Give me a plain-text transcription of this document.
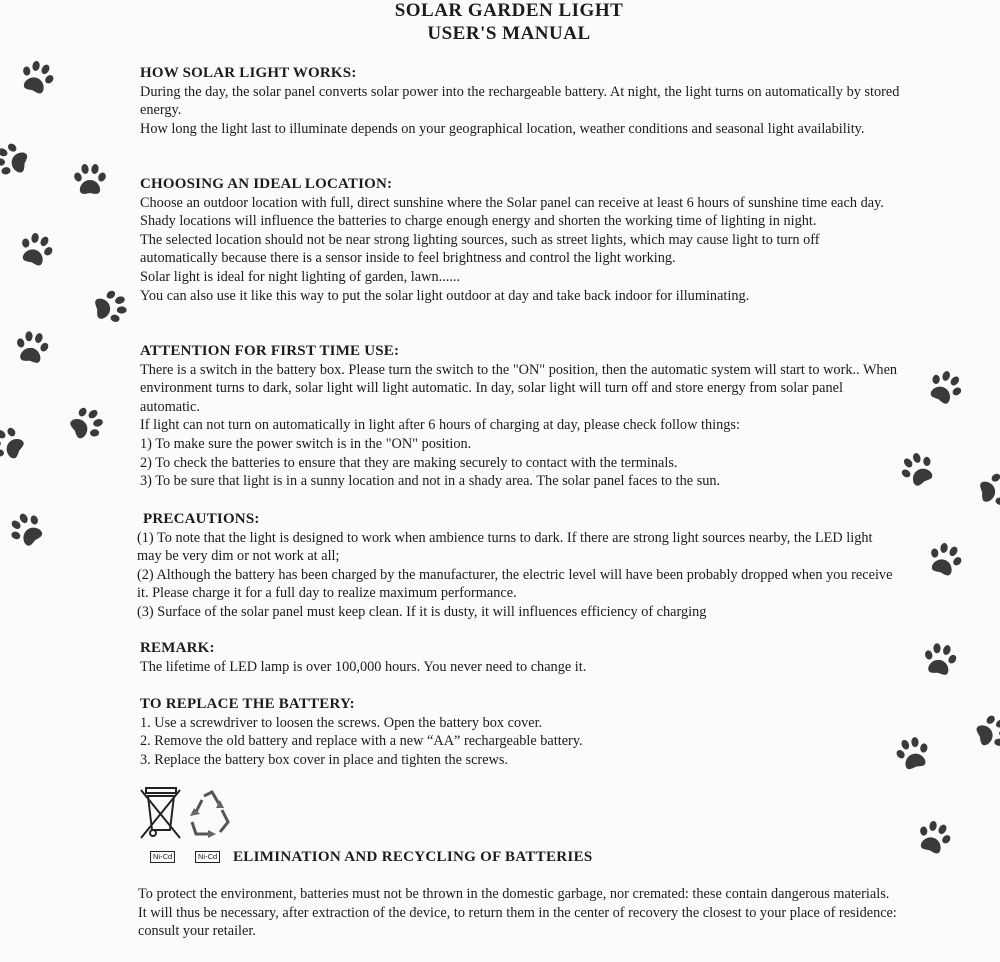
SOLAR GARDEN LIGHT
USER'S MANUAL
HOW SOLAR LIGHT WORKS:

During the day, the solar panel converts solar power into the rechargeable battery. At night, the light turns on automatically by stored energy.

How long the light last to illuminate depends on your geographical location, weather conditions and seasonal light availability.

CHOOSING AN IDEAL LOCATION:

Choose an outdoor location with full, direct sunshine where the Solar panel can receive at least 6 hours of sunshine time each day. Shady locations will influence the batteries to charge enough energy and shorten the working time of lighting in night.

The selected location should not be near strong lighting sources, such as street lights, which may cause light to turn off automatically because there is a sensor inside to feel brightness and control the light working.

Solar light is ideal for night lighting of garden, lawn......

You can also use it like this way to put the solar light outdoor at day and take back indoor for illuminating.

ATTENTION FOR FIRST TIME USE:

There is a switch in the battery box. Please turn the switch to the "ON" position, then the automatic system will start to work.. When environment turns to dark, solar light will light automatic. In day, solar light will turn off and store energy from solar panel automatic.

If light can not turn on automatically in light after 6 hours of charging at day, please check follow things:

1) To make sure the power switch is in the "ON" position.

2) To check the batteries to ensure that they are making securely to contact with the terminals.

3) To be sure that light is in a sunny location and not in a shady area. The solar panel faces to the sun.

PRECAUTIONS:

(1) To note that the light is designed to work when ambience turns to dark. If there are strong light sources nearby, the LED light may be very dim or not work at all;

(2) Although the battery has been charged by the manufacturer, the electric level will have been probably dropped when you receive it. Please charge it for a full day to realize maximum performance.

(3) Surface of the solar panel must keep clean. If it is dusty, it will influences efficiency of charging

REMARK:

The lifetime of LED lamp is over 100,000 hours. You never need to change it.

TO REPLACE THE BATTERY:

1. Use a screwdriver to loosen the screws. Open the battery box cover.

2. Remove the old battery and replace with a new “AA” rechargeable battery.

3. Replace the battery box cover in place and tighten the screws.

Ni-Cd	Ni-Cd ELIMINATION AND RECYCLING OF BATTERIES

To protect the environment, batteries must not be thrown in the domestic garbage, nor cremated: these contain dangerous materials.

It will thus be necessary, after extraction of the device, to return them in the center of recovery the closest to your place of residence: consult your retailer.
